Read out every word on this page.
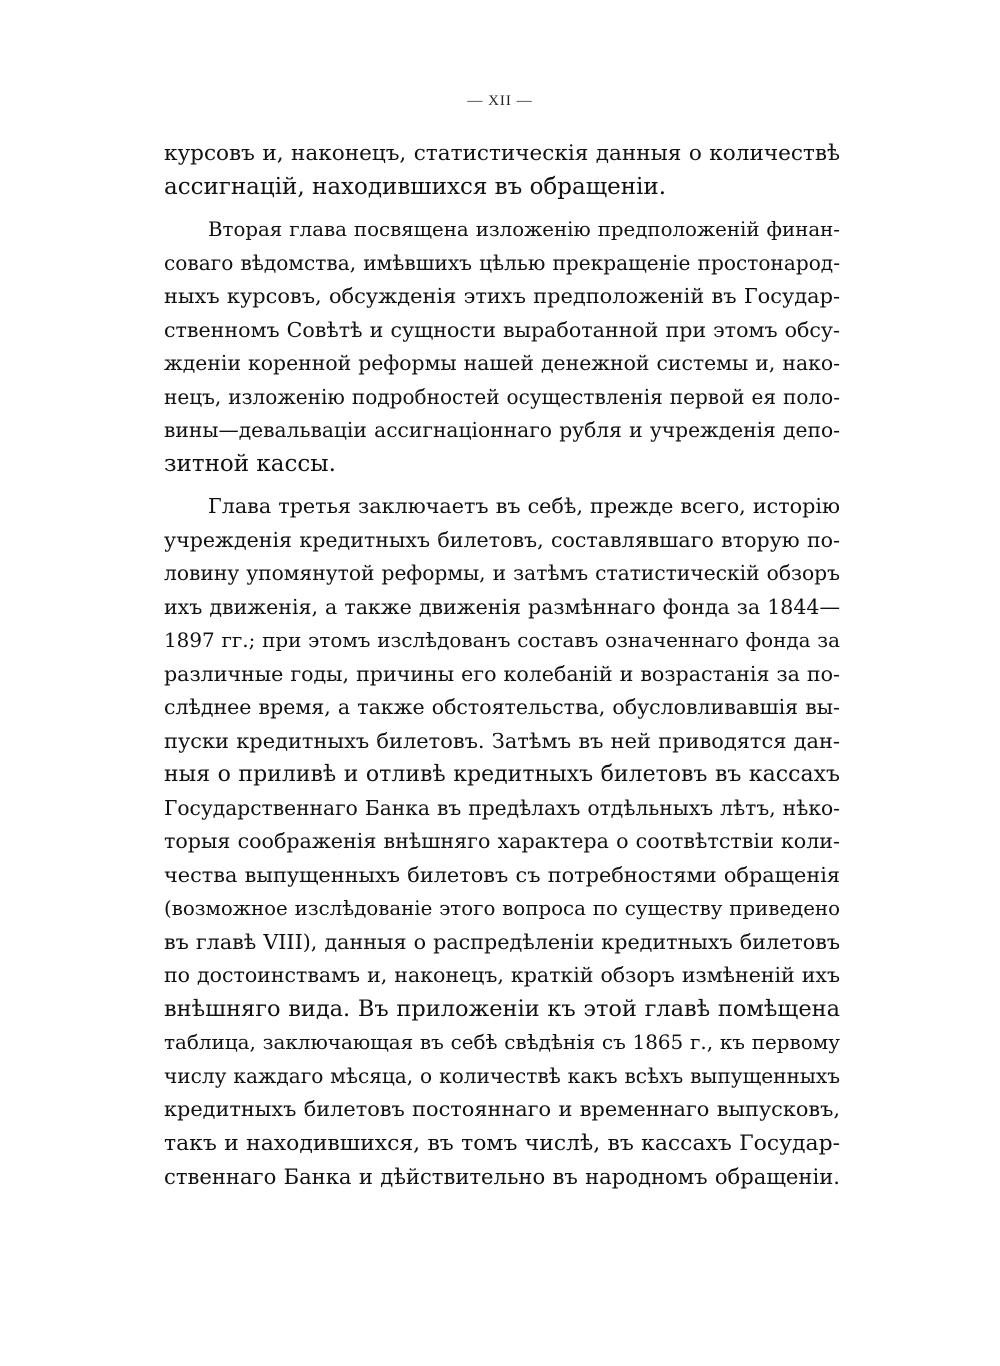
— XII —
курсовъ и, наконецъ, статистическія данныя о количествѣ
ассигнацій, находившихся въ обращеніи.
Вторая глава посвящена изложенію предположеній финан-
соваго вѣдомства, имѣвшихъ цѣлью прекращеніе простонарод-
ныхъ курсовъ, обсужденія этихъ предположеній въ Государ-
ственномъ Совѣтѣ и сущности выработанной при этомъ обсу-
жденіи коренной реформы нашей денежной системы и, нако-
нецъ, изложенію подробностей осуществленія первой ея поло-
вины—девальваціи ассигнаціоннаго рубля и учрежденія депо-
зитной кассы.
Глава третья заключаетъ въ себѣ, прежде всего, исторію
учрежденія кредитныхъ билетовъ, составлявшаго вторую по-
ловину упомянутой реформы, и затѣмъ статистическій обзоръ
ихъ движенія, а также движенія размѣннаго фонда за 1844—
1897 гг.; при этомъ изслѣдованъ составъ означеннаго фонда за
различные годы, причины его колебаній и возрастанія за по-
слѣднее время, а также обстоятельства, обусловливавшія вы-
пуски кредитныхъ билетовъ. Затѣмъ въ ней приводятся дан-
ныя о приливѣ и отливѣ кредитныхъ билетовъ въ кассахъ
Государственнаго Банка въ предѣлахъ отдѣльныхъ лѣтъ, нѣко-
торыя соображенія внѣшняго характера о соотвѣтствіи коли-
чества выпущенныхъ билетовъ съ потребностями обращенія
(возможное изслѣдованіе этого вопроса по существу приведено
въ главѣ VIII), данныя о распредѣленіи кредитныхъ билетовъ
по достоинствамъ и, наконецъ, краткій обзоръ измѣненій ихъ
внѣшняго вида. Въ приложеніи къ этой главѣ помѣщена
таблица, заключающая въ себѣ свѣдѣнія съ 1865 г., къ первому
числу каждаго мѣсяца, о количествѣ какъ всѣхъ выпущенныхъ
кредитныхъ билетовъ постояннаго и временнаго выпусковъ,
такъ и находившихся, въ томъ числѣ, въ кассахъ Государ-
ственнаго Банка и дѣйствительно въ народномъ обращеніи.
